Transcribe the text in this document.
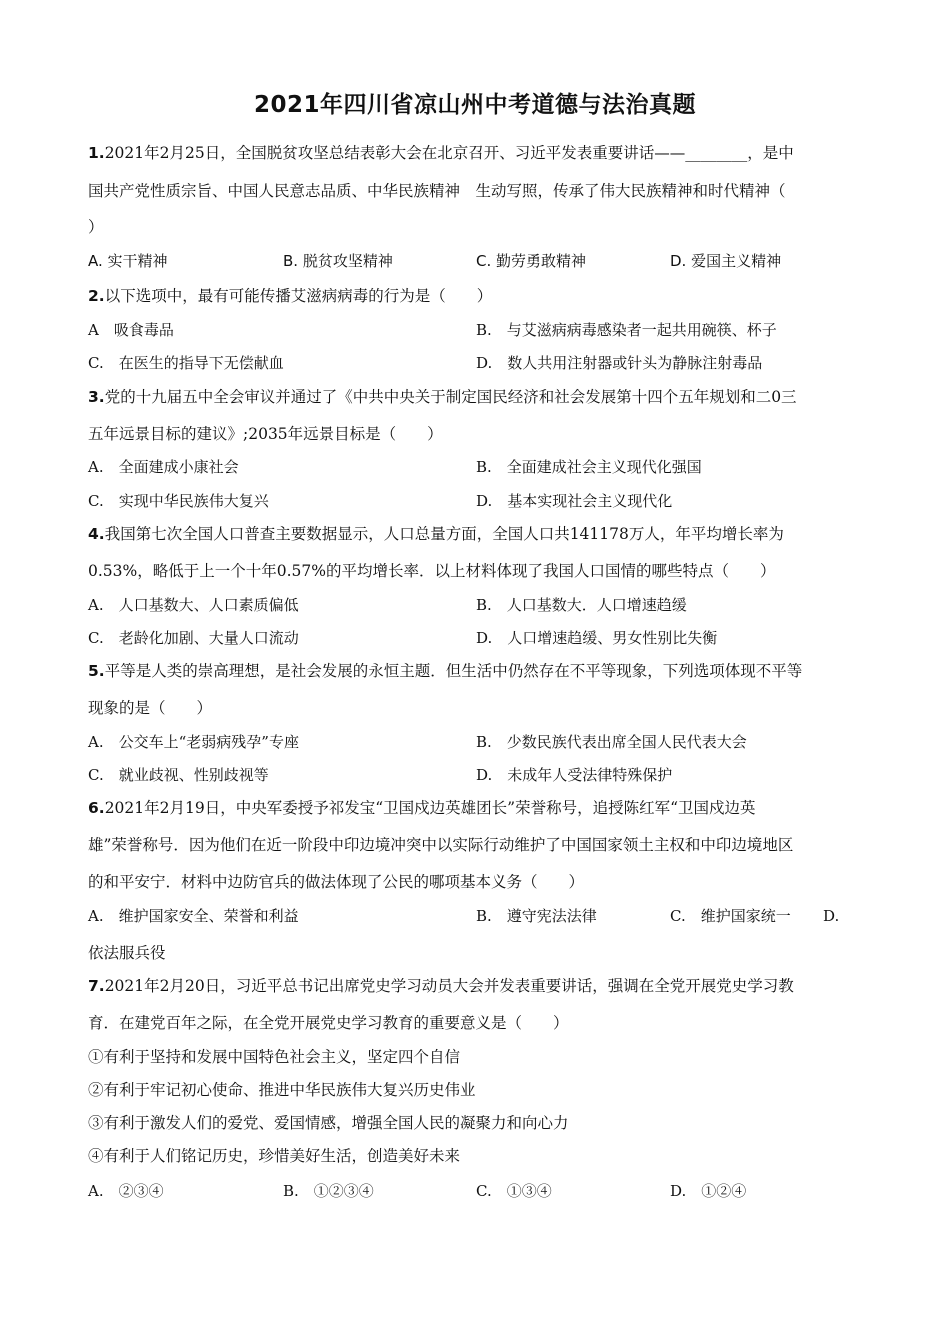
2021年四川省凉山州中考道德与法治真题
1.2021年2月25日，全国脱贫攻坚总结表彰大会在北京召开、习近平发表重要讲话——________，是中
国共产党性质宗旨、中国人民意志品质、中华民族精神　生动写照，传承了伟大民族精神和时代精神（
）
A. 实干精神	B. 脱贫攻坚精神	C. 勤劳勇敢精神	D. 爱国主义精神
2.以下选项中，最有可能传播艾滋病病毒的行为是（　　）
A　吸食毒品	B.　与艾滋病病毒感染者一起共用碗筷、杯子
C.　在医生的指导下无偿献血	D.　数人共用注射器或针头为静脉注射毒品
3.党的十九届五中全会审议并通过了《中共中央关于制定国民经济和社会发展第十四个五年规划和二0三
五年远景目标的建议》;2035年远景目标是（　　）
A.　全面建成小康社会	B.　全面建成社会主义现代化强国
C.　实现中华民族伟大复兴	D.　基本实现社会主义现代化
4.我国第七次全国人口普查主要数据显示，人口总量方面，全国人口共141178万人，年平均增长率为
0.53%，略低于上一个十年0.57%的平均增长率．以上材料体现了我国人口国情的哪些特点（　　）
A.　人口基数大、人口素质偏低	B.　人口基数大．人口增速趋缓
C.　老龄化加剧、大量人口流动	D.　人口增速趋缓、男女性别比失衡
5.平等是人类的崇高理想，是社会发展的永恒主题．但生活中仍然存在不平等现象，下列选项体现不平等
现象的是（　　）
A.　公交车上“老弱病残孕”专座	B.　少数民族代表出席全国人民代表大会
C.　就业歧视、性别歧视等	D.　未成年人受法律特殊保护
6.2021年2月19日，中央军委授予祁发宝“卫国戍边英雄团长”荣誉称号，追授陈红军“卫国戍边英
雄”荣誉称号．因为他们在近一阶段中印边境冲突中以实际行动维护了中国国家领土主权和中印边境地区
的和平安宁．材料中边防官兵的做法体现了公民的哪项基本义务（　　）
A.　维护国家安全、荣誉和利益	B.　遵守宪法法律	C.　维护国家统一 D.
依法服兵役
7.2021年2月20日，习近平总书记出席党史学习动员大会并发表重要讲话，强调在全党开展党史学习教
育．在建党百年之际，在全党开展党史学习教育的重要意义是（　　）
①有利于坚持和发展中国特色社会主义，坚定四个自信
②有利于牢记初心使命、推进中华民族伟大复兴历史伟业
③有利于激发人们的爱党、爱国情感，增强全国人民的凝聚力和向心力
④有利于人们铭记历史，珍惜美好生活，创造美好未来
A.　②③④	B.　①②③④	C.　①③④	D.　①②④
